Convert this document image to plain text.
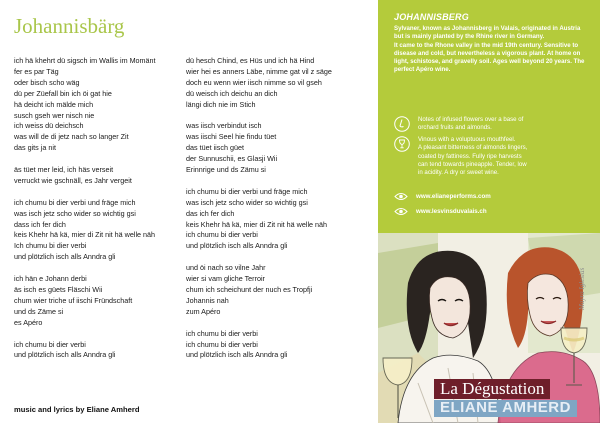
Johannisbärg
ich hä khehrt dü sigsch im Wallis im Momänt
fer es par Täg
oder bisch scho wäg
dü per Züefall bin ich öi gat hie
hä deicht ich mälde mich
susch gseh wer nisch nie
ich weiss dü deichsch
was will de di jetz nach so langer Zit
das gits ja nit
äs tüet mer leid, ich häs verseit
verruckt wie gschnäll, es Jahr vergeit
ich chumu bi dier verbi und fräge mich
was isch jetz scho wider so wichtig gsi
dass ich fer dich
keis Khehr hä kä, mier di Zit nit hä welle näh
Ich chumu bi dier verbi
und plötzlich isch alls Anndra gli
ich hän e Johann derbi
äs isch es güets Fläschi Wii
chum wier triche uf iischi Fründschaft
und ds Zäme si
es Apéro
ich chumu bi dier verbi
und plötzlich isch alls Anndra gli
dü hesch Chind, es Hüs und ich hä Hind
wier hei es anners Läbe, nimme gat vil z säge
doch eu wenn wier iisch nimme so vil gseh
dü weisch ich deichu an dich
längi dich nie im Stich
was iisch verbindut isch
was iischi Seel hie findu tüet
das tüet iisch güet
der Sunnuschii, es Glasji Wii
Erinnrige und ds Zämu si
ich chumu bi dier verbi und fräge mich
was isch jetz scho wider so wichtig gsi
das ich fer dich
keis Khehr hä kä, mier di Zit nit hä welle näh
ich chumu bi dier verbi
und plötzlich isch alls Anndra gli
und öi nach so vilne Jahr
wier si vam gliche Terroir
chum ich scheichunt der nuch es Tropfji
Johannis nah
zum Apéro
ich chumu bi dier verbi
ich chumu bi dier verbi
und plötzlich isch alls Anndra gli
music and lyrics by Eliane Amherd
JOHANNISBERG

Sylvaner, known as Johannisberg in Valais, originated in Austria but is mainly planted by the Rhine river in Germany.

It came to the Rhone valley in the mid 19th century. Sensitive to disease and cold, but nevertheless a vigorous plant. At home on light, schistose, and gravelly soil. Ages well beyond 20 years. The perfect Apéro wine.

Notes of infused flowers over a base of
orchard fruits and almonds.
Vinous with a voluptuous mouthfeel.
A pleasant bitterness of almonds lingers,
coated by fattiness. Fully ripe harvests
can tend towards pineapple. Tender, low
in acidity. A dry or sweet wine.
www.elianeperforms.com
www.lesvinsduvalais.ch
Mayra Iglesias
La Dégustation
ELIANE AMHERD
